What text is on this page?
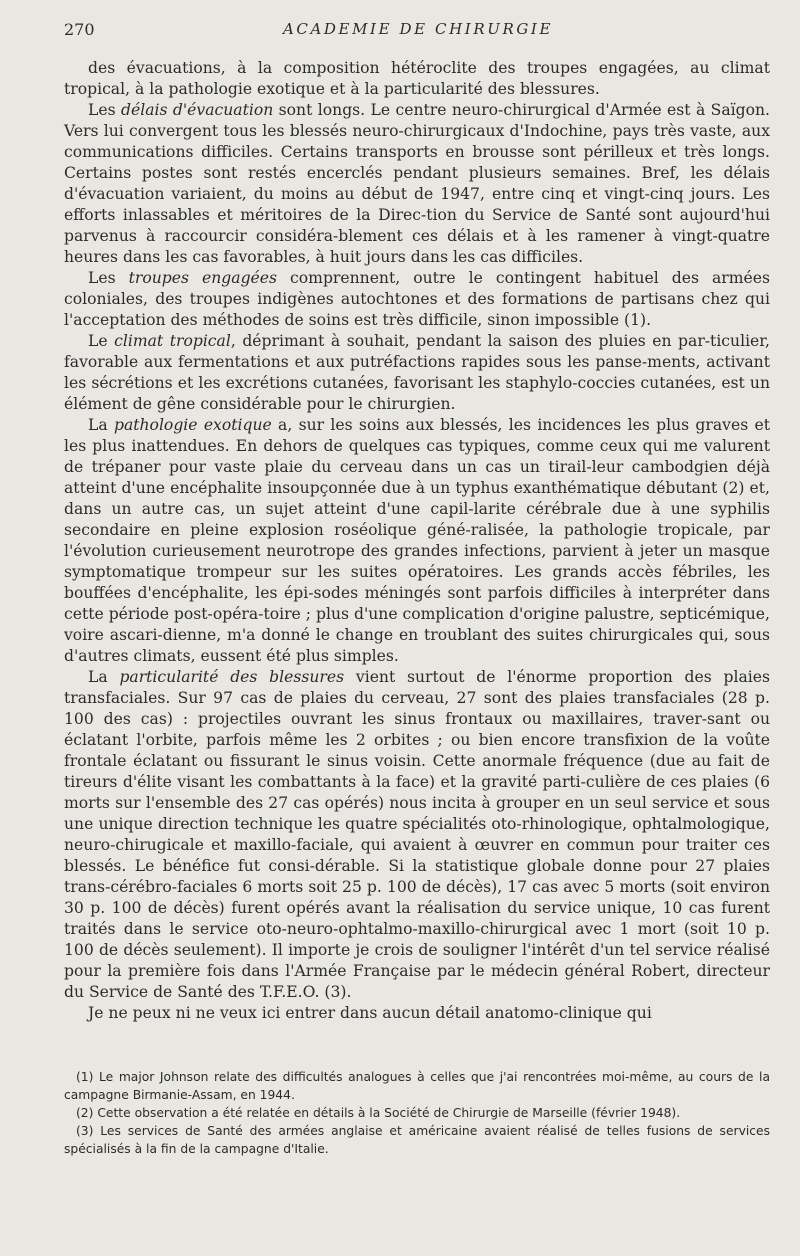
270	ACADEMIE DE CHIRURGIE

des évacuations, à la composition hétéroclite des troupes engagées, au climat tropical, à la pathologie exotique et à la particularité des blessures.

Les délais d'évacuation sont longs. Le centre neuro-chirurgical d'Armée est à Saïgon. Vers lui convergent tous les blessés neuro-chirurgicaux d'Indochine, pays très vaste, aux communications difficiles. Certains transports en brousse sont périlleux et très longs. Certains postes sont restés encerclés pendant plusieurs semaines. Bref, les délais d'évacuation variaient, du moins au début de 1947, entre cinq et vingt-cinq jours. Les efforts inlassables et méritoires de la Direc-tion du Service de Santé sont aujourd'hui parvenus à raccourcir considéra-blement ces délais et à les ramener à vingt-quatre heures dans les cas favorables, à huit jours dans les cas difficiles.

Les troupes engagées comprennent, outre le contingent habituel des armées coloniales, des troupes indigènes autochtones et des formations de partisans chez qui l'acceptation des méthodes de soins est très difficile, sinon impossible (1).

Le climat tropical, déprimant à souhait, pendant la saison des pluies en par-ticulier, favorable aux fermentations et aux putréfactions rapides sous les panse-ments, activant les sécrétions et les excrétions cutanées, favorisant les staphylo-coccies cutanées, est un élément de gêne considérable pour le chirurgien.

La pathologie exotique a, sur les soins aux blessés, les incidences les plus graves et les plus inattendues. En dehors de quelques cas typiques, comme ceux qui me valurent de trépaner pour vaste plaie du cerveau dans un cas un tirail-leur cambodgien déjà atteint d'une encéphalite insoupçonnée due à un typhus exanthématique débutant (2) et, dans un autre cas, un sujet atteint d'une capil-larite cérébrale due à une syphilis secondaire en pleine explosion roséolique géné-ralisée, la pathologie tropicale, par l'évolution curieusement neurotrope des grandes infections, parvient à jeter un masque symptomatique trompeur sur les suites opératoires. Les grands accès fébriles, les bouffées d'encéphalite, les épi-sodes méningés sont parfois difficiles à interpréter dans cette période post-opéra-toire ; plus d'une complication d'origine palustre, septicémique, voire ascari-dienne, m'a donné le change en troublant des suites chirurgicales qui, sous d'autres climats, eussent été plus simples.

La particularité des blessures vient surtout de l'énorme proportion des plaies transfaciales. Sur 97 cas de plaies du cerveau, 27 sont des plaies transfaciales (28 p. 100 des cas) : projectiles ouvrant les sinus frontaux ou maxillaires, traver-sant ou éclatant l'orbite, parfois même les 2 orbites ; ou bien encore transfixion de la voûte frontale éclatant ou fissurant le sinus voisin. Cette anormale fréquence (due au fait de tireurs d'élite visant les combattants à la face) et la gravité parti-culière de ces plaies (6 morts sur l'ensemble des 27 cas opérés) nous incita à grouper en un seul service et sous une unique direction technique les quatre spécialités oto-rhinologique, ophtalmologique, neuro-chirugicale et maxillo-faciale, qui avaient à œuvrer en commun pour traiter ces blessés. Le bénéfice fut consi-dérable. Si la statistique globale donne pour 27 plaies trans-cérébro-faciales 6 morts soit 25 p. 100 de décès), 17 cas avec 5 morts (soit environ 30 p. 100 de décès) furent opérés avant la réalisation du service unique, 10 cas furent traités dans le service oto-neuro-ophtalmo-maxillo-chirurgical avec 1 mort (soit 10 p. 100 de décès seulement). Il importe je crois de souligner l'intérêt d'un tel service réalisé pour la première fois dans l'Armée Française par le médecin général Robert, directeur du Service de Santé des T.F.E.O. (3).

Je ne peux ni ne veux ici entrer dans aucun détail anatomo-clinique qui

(1) Le major Johnson relate des difficultés analogues à celles que j'ai rencontrées moi-même, au cours de la campagne Birmanie-Assam, en 1944.

(2) Cette observation a été relatée en détails à la Société de Chirurgie de Marseille (février 1948).

(3) Les services de Santé des armées anglaise et américaine avaient réalisé de telles fusions de services spécialisés à la fin de la campagne d'Italie.
